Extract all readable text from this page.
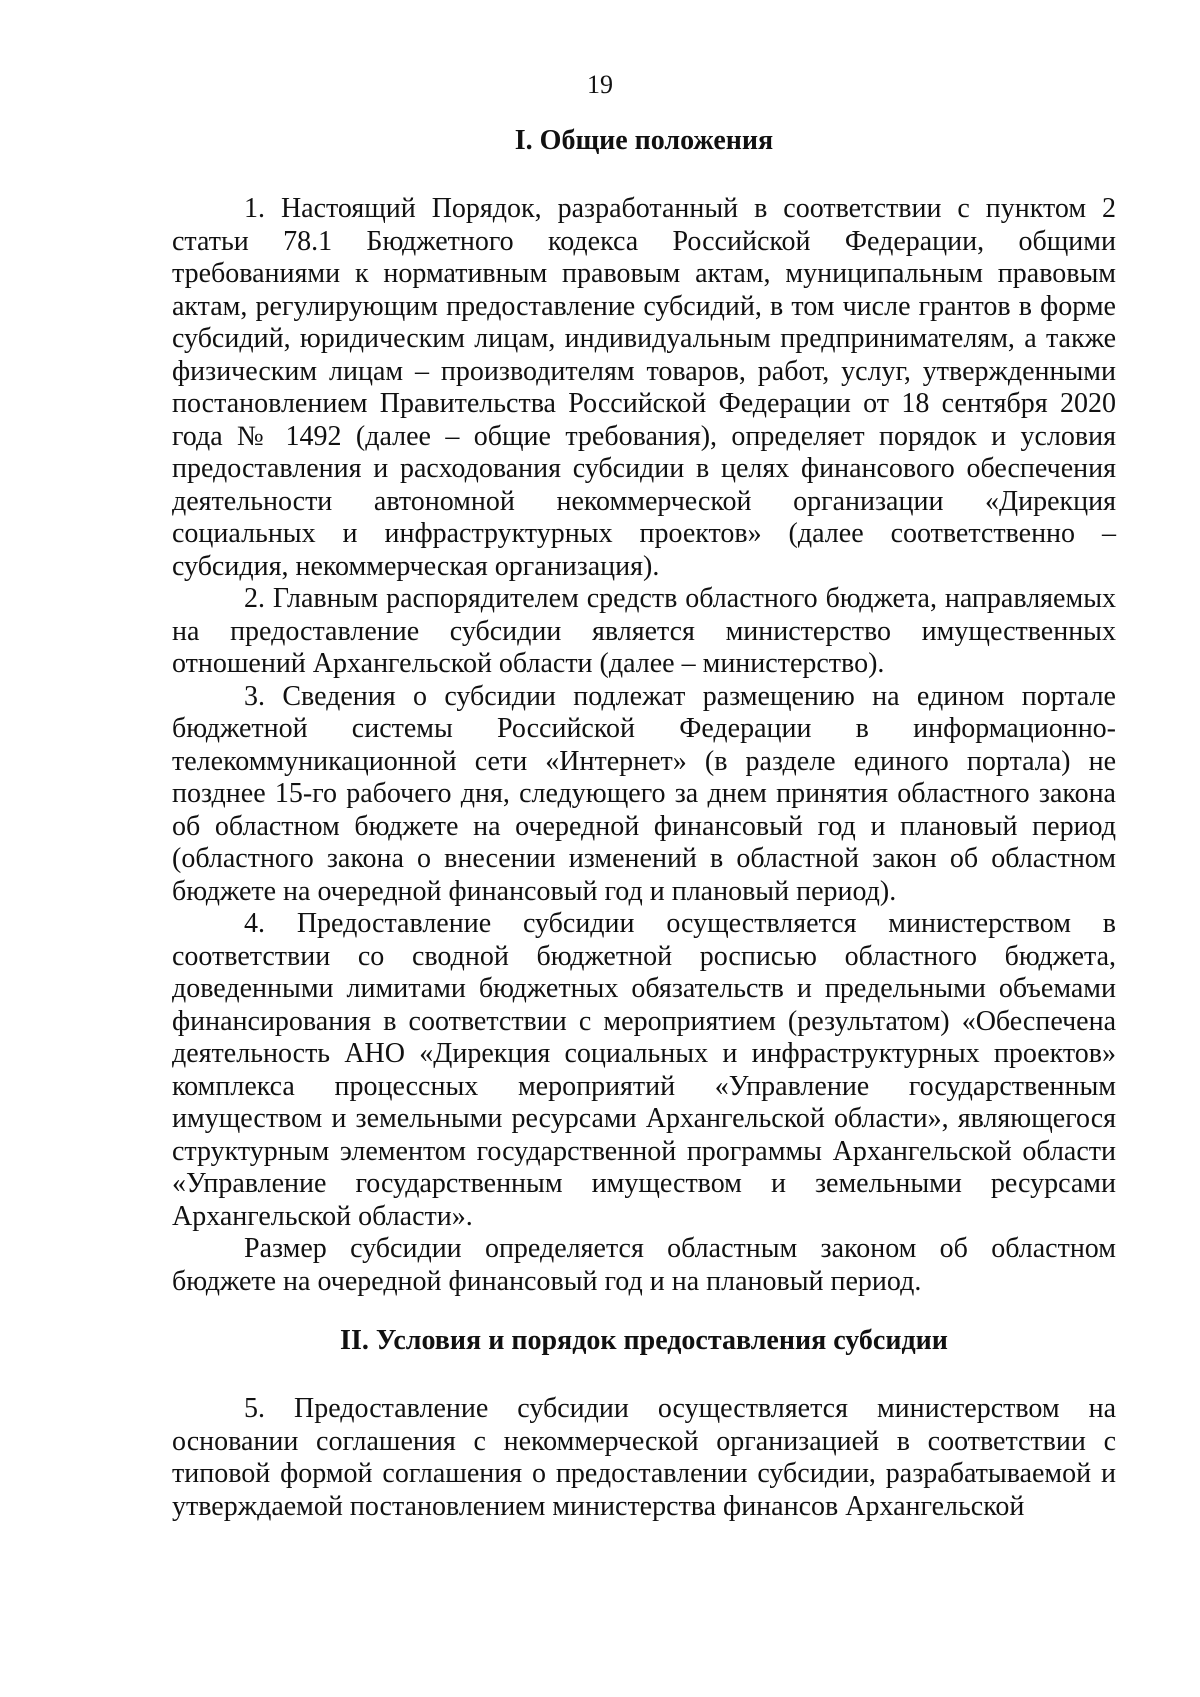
19
I. Общие положения

1. Настоящий Порядок, разработанный в соответствии с пунктом 2 статьи 78.1 Бюджетного кодекса Российской Федерации, общими требованиями к нормативным правовым актам, муниципальным правовым актам, регулирующим предоставление субсидий, в том числе грантов в форме субсидий, юридическим лицам, индивидуальным предпринимателям, а также физическим лицам – производителям товаров, работ, услуг, утвержденными постановлением Правительства Российской Федерации от 18 сентября 2020 года № 1492 (далее – общие требования), определяет порядок и условия предоставления и расходования субсидии в целях финансового обеспечения деятельности автономной некоммерческой организации «Дирекция социальных и инфраструктурных проектов» (далее соответственно – субсидия, некоммерческая организация).

2. Главным распорядителем средств областного бюджета, направляемых на предоставление субсидии является министерство имущественных отношений Архангельской области (далее – министерство).

3. Сведения о субсидии подлежат размещению на едином портале бюджетной системы Российской Федерации в информационно-телекоммуникационной сети «Интернет» (в разделе единого портала) не позднее 15-го рабочего дня, следующего за днем принятия областного закона об областном бюджете на очередной финансовый год и плановый период (областного закона о внесении изменений в областной закон об областном бюджете на очередной финансовый год и плановый период).

4. Предоставление субсидии осуществляется министерством в соответствии со сводной бюджетной росписью областного бюджета, доведенными лимитами бюджетных обязательств и предельными объемами финансирования в соответствии с мероприятием (результатом) «Обеспечена деятельность АНО «Дирекция социальных и инфраструктурных проектов» комплекса процессных мероприятий «Управление государственным имуществом и земельными ресурсами Архангельской области», являющегося структурным элементом государственной программы Архангельской области «Управление государственным имуществом и земельными ресурсами Архангельской области».

Размер субсидии определяется областным законом об областном бюджете на очередной финансовый год и на плановый период.

II. Условия и порядок предоставления субсидии

5. Предоставление субсидии осуществляется министерством на основании соглашения с некоммерческой организацией в соответствии с типовой формой соглашения о предоставлении субсидии, разрабатываемой и утверждаемой постановлением министерства финансов Архангельской
